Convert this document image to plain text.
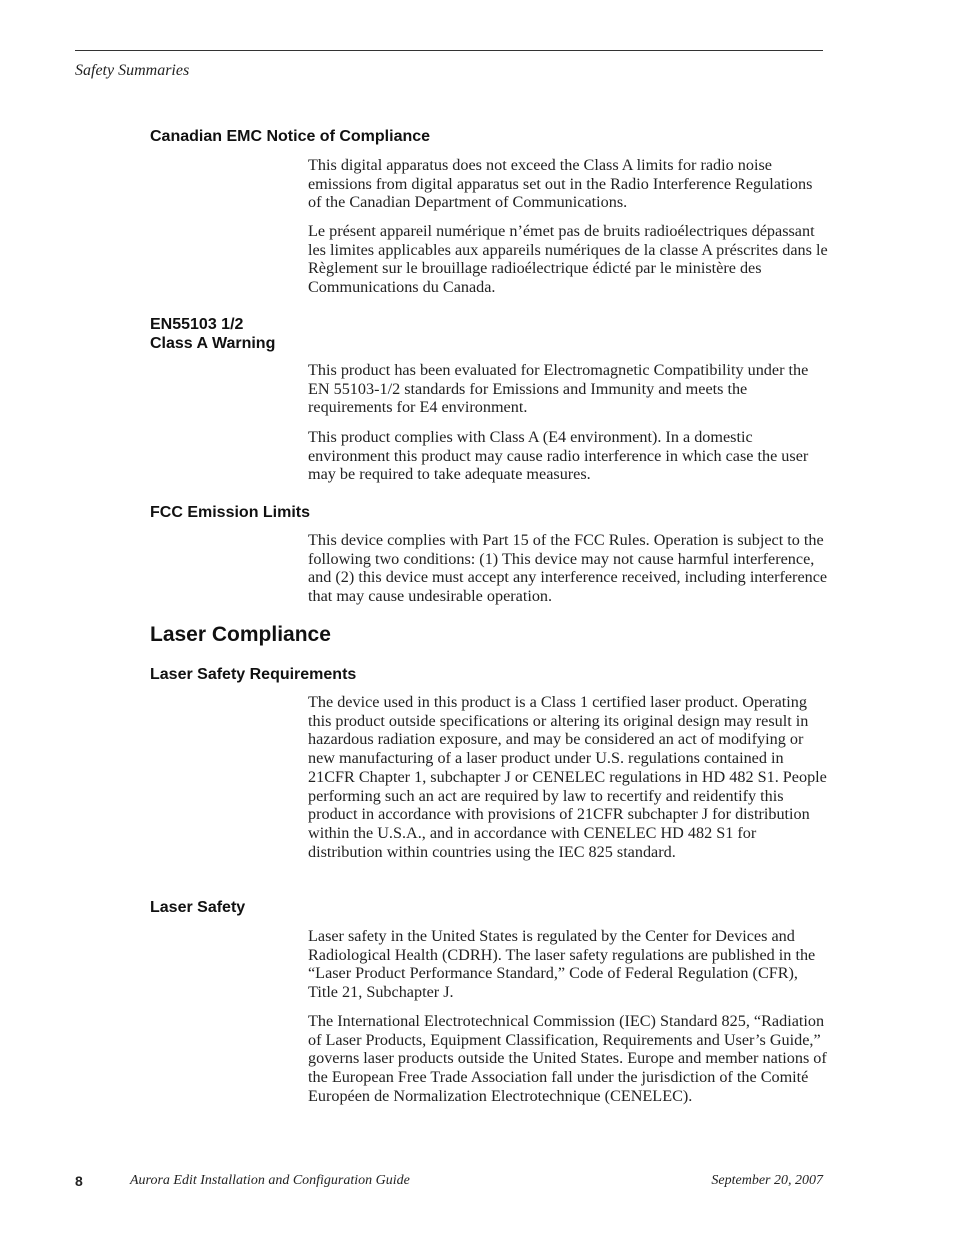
Safety Summaries
Canadian EMC Notice of Compliance

This digital apparatus does not exceed the Class A limits for radio noise emissions from digital apparatus set out in the Radio Interference Regulations of the Canadian Department of Communications.

Le présent appareil numérique n’émet pas de bruits radioélectriques dépassant les limites applicables aux appareils numériques de la classe A préscrites dans le Règlement sur le brouillage radioélectrique édicté par le ministère des Communications du Canada.

EN55103 1/2
Class A Warning

This product has been evaluated for Electromagnetic Compatibility under the EN 55103-1/2 standards for Emissions and Immunity and meets the requirements for E4 environment.

This product complies with Class A (E4 environment). In a domestic environment this product may cause radio interference in which case the user may be required to take adequate measures.

FCC Emission Limits

This device complies with Part 15 of the FCC Rules. Operation is subject to the following two conditions: (1) This device may not cause harmful interference, and (2) this device must accept any interference received, including interference that may cause undesirable operation.

Laser Compliance
Laser Safety Requirements

The device used in this product is a Class 1 certified laser product. Operating this product outside specifications or altering its original design may result in hazardous radiation exposure, and may be considered an act of modifying or new manufacturing of a laser product under U.S. regulations contained in 21CFR Chapter 1, subchapter J or CENELEC regulations in HD 482 S1. People performing such an act are required by law to recertify and reidentify this product in accordance with provisions of 21CFR subchapter J for distribution within the U.S.A., and in accordance with CENELEC HD 482 S1 for distribution within countries using the IEC 825 standard.

Laser Safety

Laser safety in the United States is regulated by the Center for Devices and Radiological Health (CDRH). The laser safety regulations are published in the “Laser Product Performance Standard,” Code of Federal Regulation (CFR), Title 21, Subchapter J.

The International Electrotechnical Commission (IEC) Standard 825, “Radiation of Laser Products, Equipment Classification, Requirements and User’s Guide,” governs laser products outside the United States. Europe and member nations of the European Free Trade Association fall under the jurisdiction of the Comité Européen de Normalization Electrotechnique (CENELEC).

8	Aurora Edit Installation and Configuration Guide	September 20, 2007
